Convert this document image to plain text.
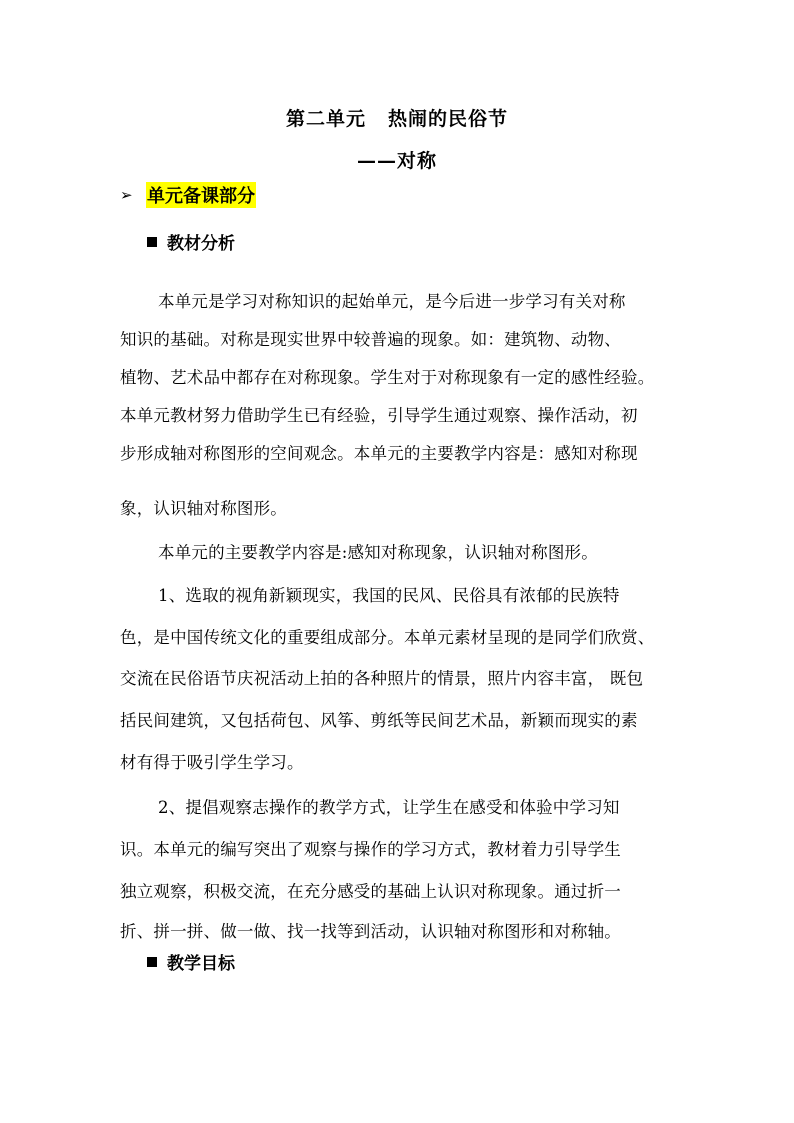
第二单元 热闹的民俗节
——对称
➢ 单元备课部分
教材分析
本单元是学习对称知识的起始单元，是今后进一步学习有关对称
知识的基础。对称是现实世界中较普遍的现象。如：建筑物、动物、
植物、艺术品中都存在对称现象。学生对于对称现象有一定的感性经验。
本单元教材努力借助学生已有经验，引导学生通过观察、操作活动，初
步形成轴对称图形的空间观念。本单元的主要教学内容是：感知对称现
象，认识轴对称图形。
本单元的主要教学内容是:感知对称现象，认识轴对称图形。
1、选取的视角新颖现实，我国的民风、民俗具有浓郁的民族特
色，是中国传统文化的重要组成部分。本单元素材呈现的是同学们欣赏、
交流在民俗语节庆祝活动上拍的各种照片的情景，照片内容丰富， 既包
括民间建筑，又包括荷包、风筝、剪纸等民间艺术品，新颖而现实的素
材有得于吸引学生学习。
2、提倡观察志操作的教学方式，让学生在感受和体验中学习知
识。本单元的编写突出了观察与操作的学习方式，教材着力引导学生
独立观察，积极交流，在充分感受的基础上认识对称现象。通过折一
折、拼一拼、做一做、找一找等到活动，认识轴对称图形和对称轴。
教学目标
